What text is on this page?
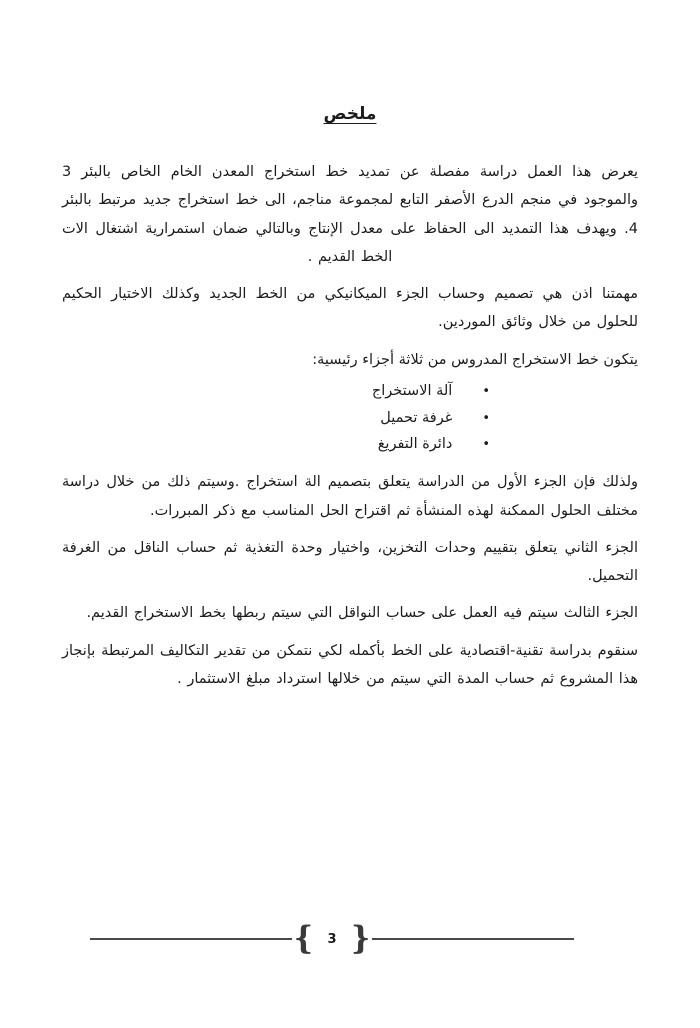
ملخص
يعرض هذا العمل دراسة مفصلة عن تمديد خط استخراج المعدن الخام الخاص بالبئر 3 والموجود في منجم الدرع الأصفر التابع لمجموعة مناجم، الى خط استخراج جديد مرتبط بالبئر 4. ويهدف هذا التمديد الى الحفاظ على معدل الإنتاج وبالتالي ضمان استمرارية اشتغال الات الخط القديم .
مهمتنا اذن هي تصميم وحساب الجزء الميكانيكي من الخط الجديد وكذلك الاختيار الحكيم للحلول من خلال وثائق الموردين.
يتكون خط الاستخراج المدروس من ثلاثة أجزاء رئيسية:
•
آلة الاستخراج
•
غرفة تحميل
•
دائرة التفريغ
ولذلك فإن الجزء الأول من الدراسة يتعلق بتصميم الة استخراج .وسيتم ذلك من خلال دراسة مختلف الحلول الممكنة لهذه المنشأة ثم اقتراح الحل المناسب مع ذكر المبررات.
الجزء الثاني يتعلق بتقييم وحدات التخزين، واختيار وحدة التغذية ثم حساب الناقل من الغرفة التحميل.
الجزء الثالث سيتم فيه العمل على حساب النواقل التي سيتم ربطها بخط الاستخراج القديم.
سنقوم بدراسة تقنية-اقتصادية على الخط بأكمله لكي نتمكن من تقدير التكاليف المرتبطة بإنجاز هذا المشروع ثم حساب المدة التي سيتم من خلالها استرداد مبلغ الاستثمار .
{	3 }
